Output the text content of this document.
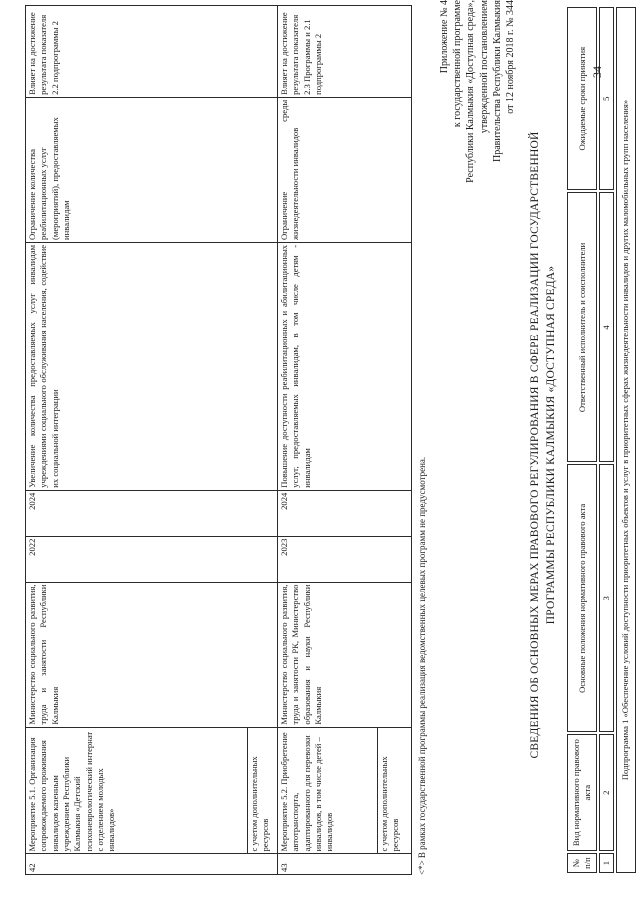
42	Мероприятие 5.1. Организация сопровождаемого проживания инвалидов казенным учреждением Республики Калмыкия «Детский психоневрологический интернат с отделением молодых инвалидов»	Министерство социального развития, труда и занятости Республики Калмыкия	2022	2024	Увеличение количества предоставляемых услуг инвалидам учреждениями социального обслуживания населения, содействие их социальной интеграции	Ограничение количества реабилитационных услуг (мероприятий), предоставляемых инвалидам	Влияет на достижение результата показателя 2.2 подпрограммы 2
	с учетом дополнительных ресурсов						
43	Мероприятие 5.2. Приобретение автотранспорта, адаптированного для перевозки инвалидов, в том числе детей – инвалидов	Министерство социального развития, труда и занятости РК, Министерство образования и науки Республики Калмыкия	2023	2024	Повышение доступности реабилитационных и абилитационных услуг, предоставляемых инвалидам, в том числе детям - инвалидам	Ограничение среды жизнедеятельности инвалидов	Влияет на достижение результата показателя 2.3 Программы и 2.1 подпрограммы 2
	с учетом дополнительных ресурсов						<*> В рамках государственной программы реализация ведомственных целевых программ не предусмотрена.
Приложение № 4 к государственной программе Республики Калмыкия «Доступная среда», утвержденной постановлением Правительства Республики Калмыкия от 12 ноября 2018 г. № 344
СВЕДЕНИЯ ОБ ОСНОВНЫХ МЕРАХ ПРАВОВОГО РЕГУЛИРОВАНИЯ В СФЕРЕ РЕАЛИЗАЦИИ ГОСУДАРСТВЕННОЙ ПРОГРАММЫ РЕСПУБЛИКИ КАЛМЫКИЯ «ДОСТУПНАЯ СРЕДА»
№ п/п	Вид нормативного правового акта	Основные положения нормативного правового акта	Ответственный исполнитель и соисполнители	Ожидаемые сроки принятия
1	2	3	4	5
Подпрограмма 1 «Обеспечение условий доступности приоритетных объектов и услуг в приоритетных сферах жизнедеятельности инвалидов и других маломобильных групп населения»				
34
